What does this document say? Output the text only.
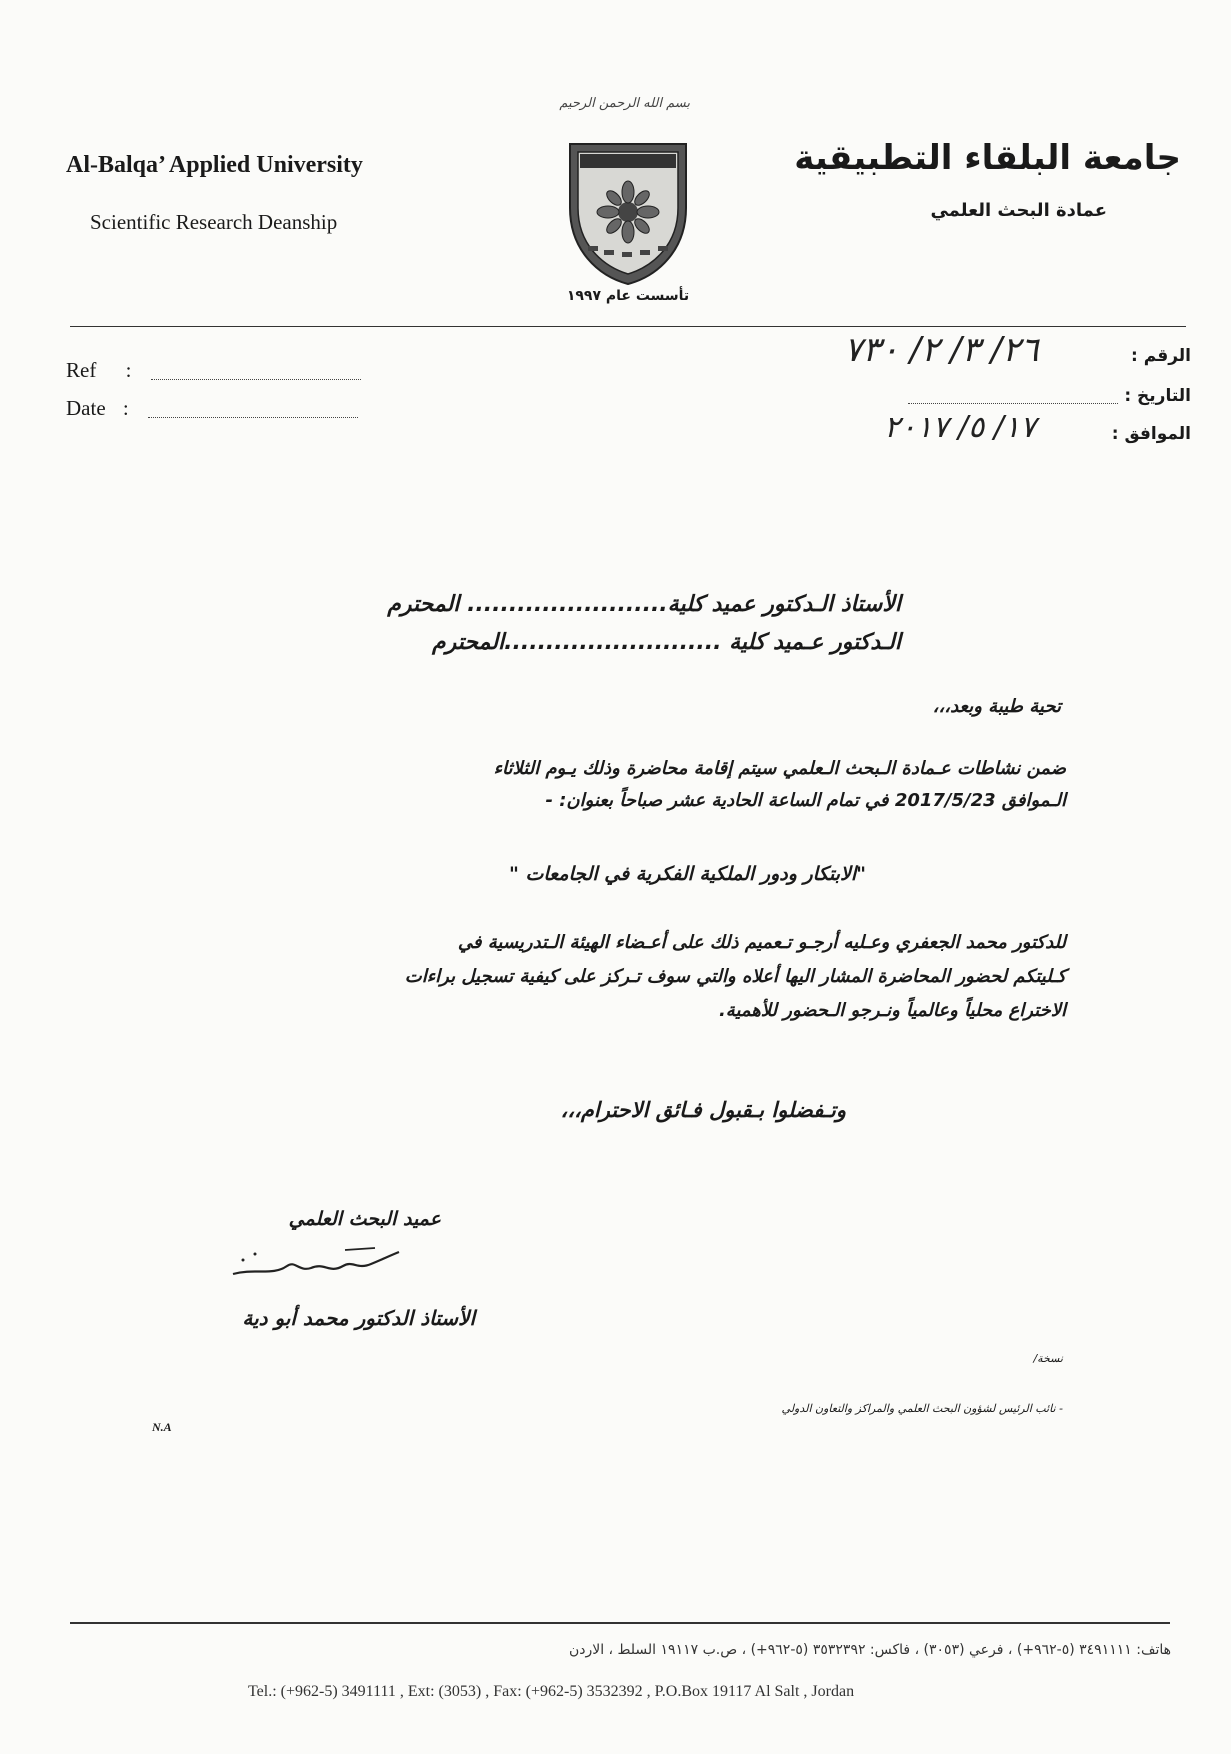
Al-Balqa’ Applied University
Scientific Research Deanship
جامعة البلقاء التطبيقية
عمادة البحث العلمي
بسم الله الرحمن الرحيم
تأسست عام ١٩٩٧
Ref :
Date :
الرقم :
٢٦/ ٣/ ٢/ ٧٣٠
التاريخ :
الموافق :
١٧/ ٥/ ٢٠١٧
الأستاذ الـدكتور عميد كلية........................ المحترم
الـدكتور عـميد كلية ..........................المحترم
تحية طيبة وبعد،،،
ضمن نشاطات عـمادة الـبحث الـعلمي سيتم إقامة محاضرة وذلك يـوم الثلاثاء
الـموافق 2017/5/23 في تمام الساعة الحادية عشر صباحاً بعنوان: -
"الابتكار ودور الملكية الفكرية في الجامعات "
للدكتور محمد الجعفري وعـليه أرجـو تـعميم ذلك على أعـضاء الهيئة الـتدريسية في
كـليتكم لحضور المحاضرة المشار اليها أعلاه والتي سوف تـركز على كيفية تسجيل براءات
الاختراع محلياً وعالمياً ونـرجو الـحضور للأهمية.
وتـفضلوا بـقبول فـائق الاحترام،،،
عميد البحث العلمي
الأستاذ الدكتور محمد أبو دية
نسخة/
- نائب الرئيس لشؤون البحث العلمي والمراكز والتعاون الدولي
N.A
هاتف: ٣٤٩١١١١ (٥-٩٦٢+) ، فرعي (٣٠٥٣) ، فاكس: ٣٥٣٢٣٩٢ (٥-٩٦٢+) ، ص.ب ١٩١١٧ السلط ، الاردن
Tel.: (+962-5) 3491111 , Ext: (3053) , Fax: (+962-5) 3532392 , P.O.Box 19117 Al Salt , Jordan
